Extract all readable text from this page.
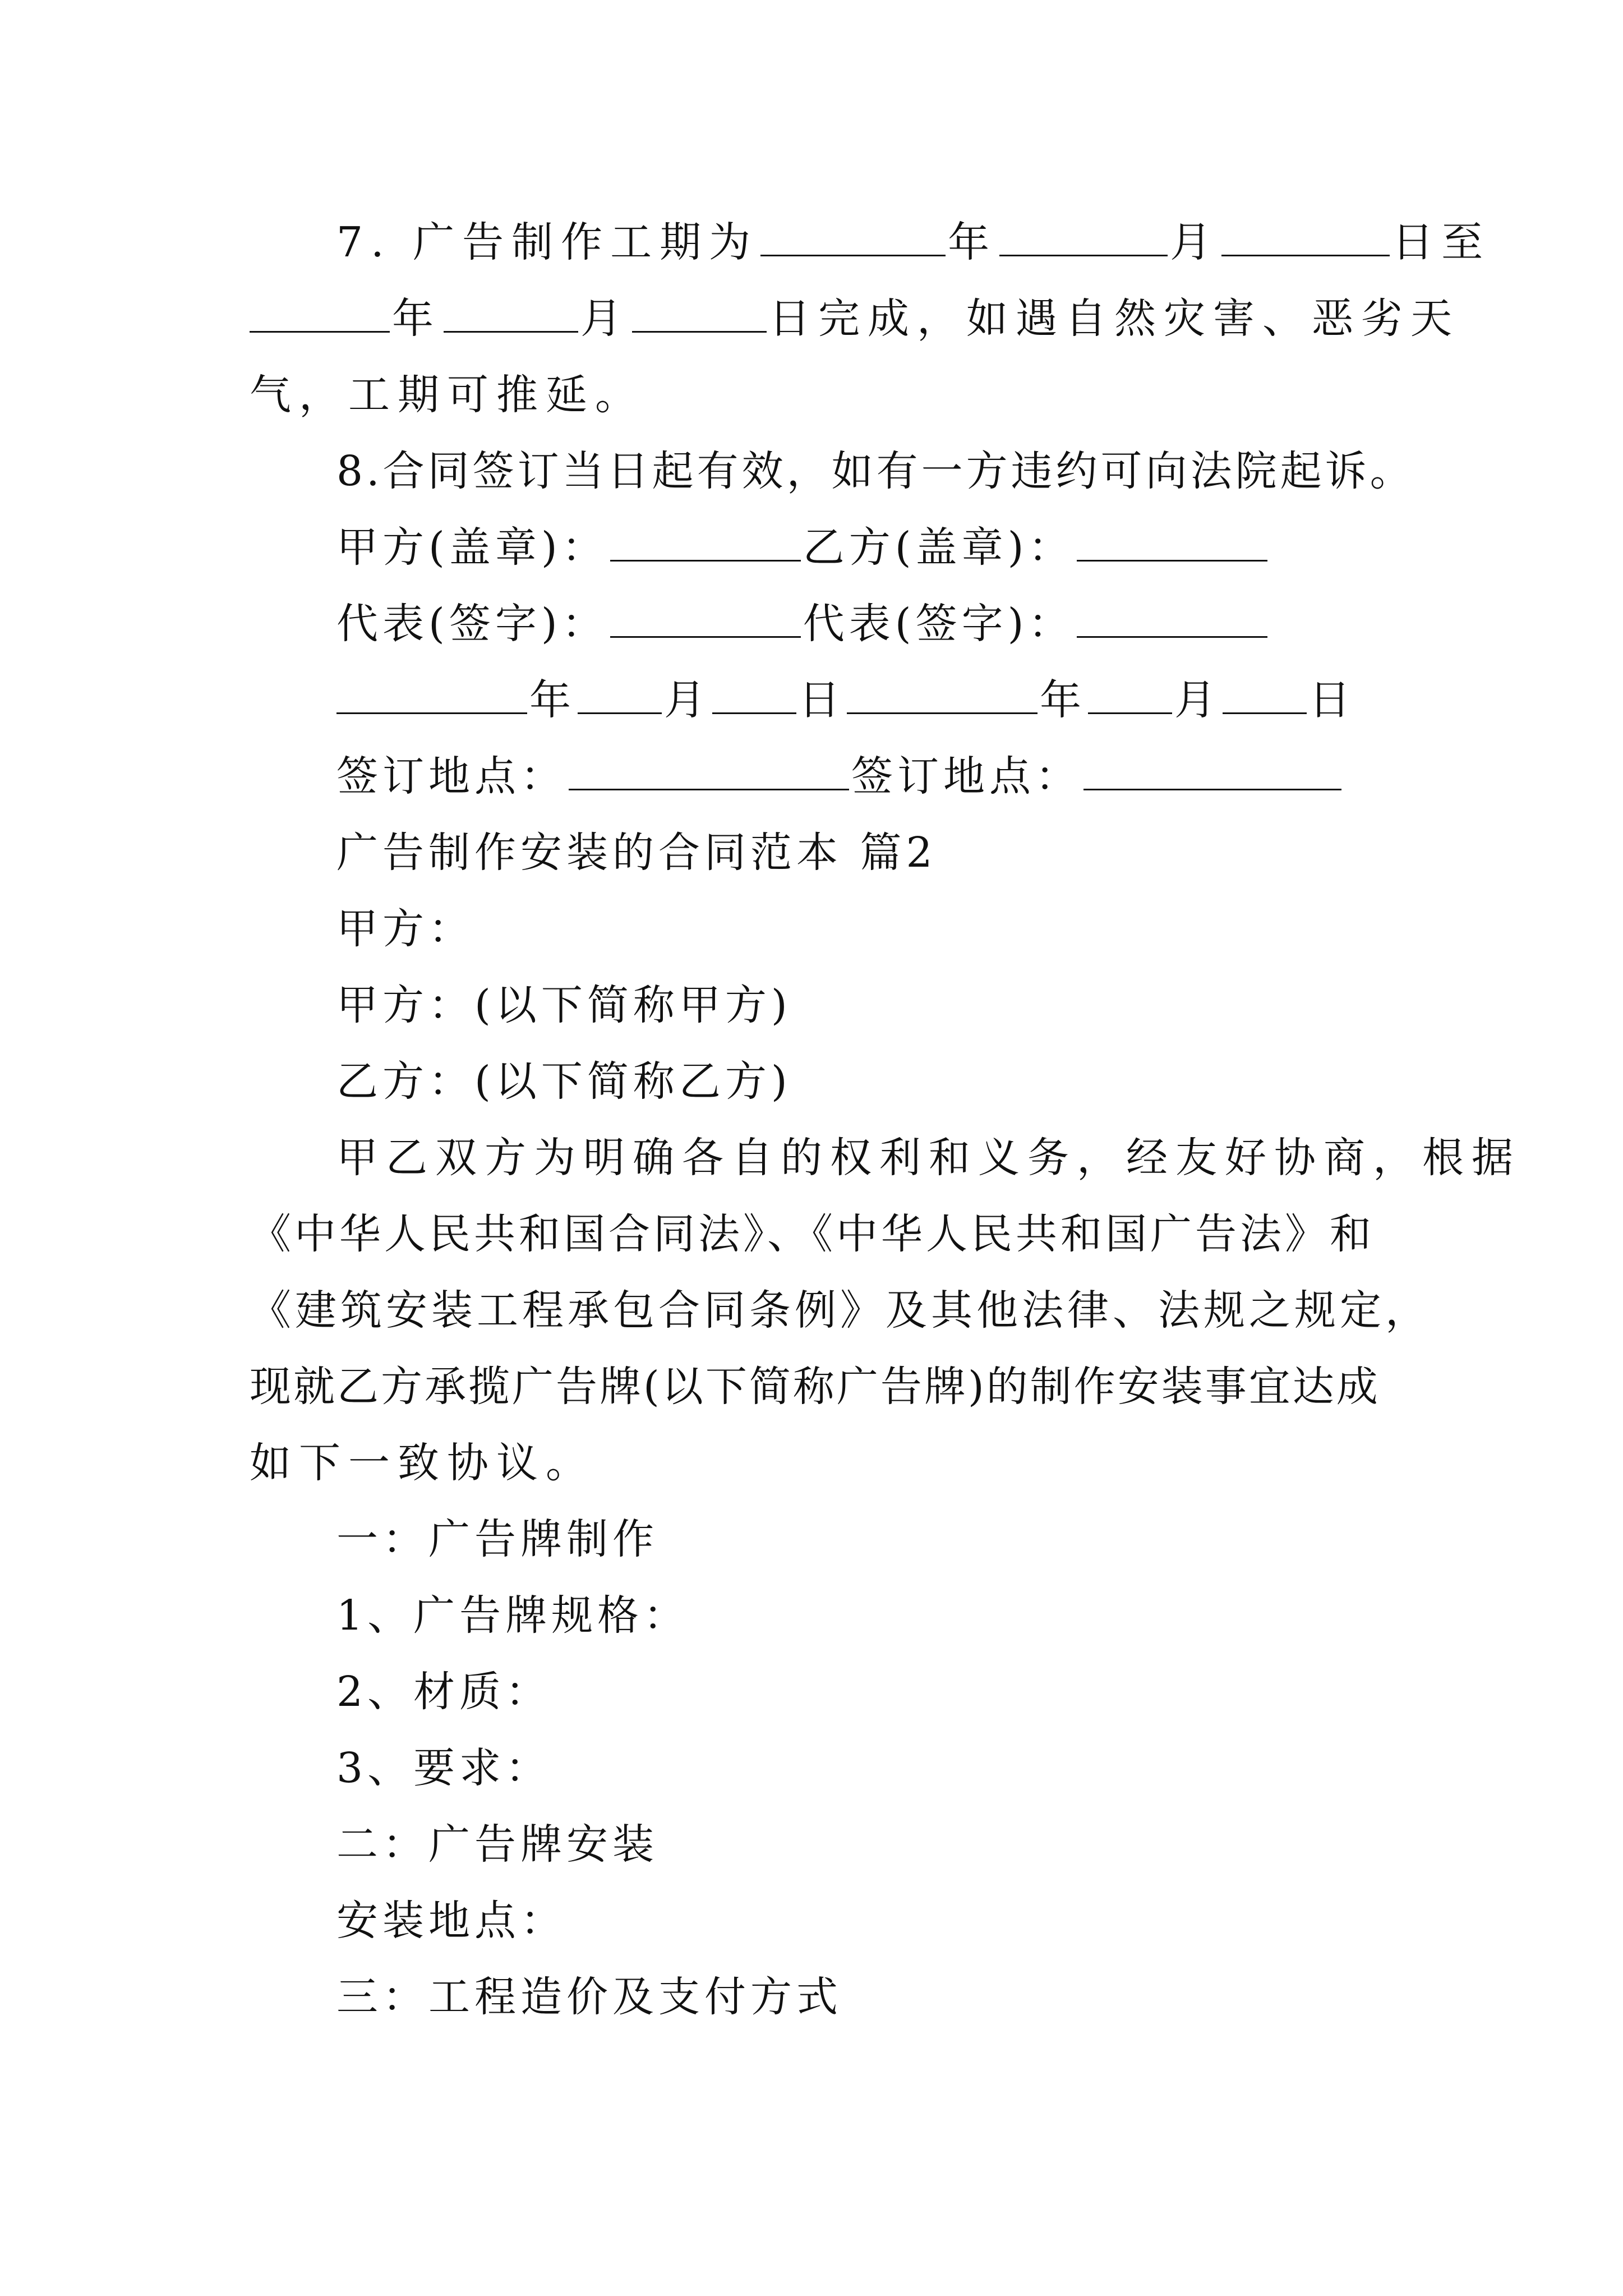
7. 广告制作工期为	年	月	日至
年	月	日完成，如遇自然灾害、恶劣天
气，工期可推延。
8.合同签订当日起有效，如有一方违约可向法院起诉。
甲方(盖章)：	乙方(盖章)：
代表(签字)：	代表(签字)：
年 月 日	年 月 日
签订地点：	签订地点：
广告制作安装的合同范本 篇2
甲方：
甲方：(以下简称甲方)
乙方：(以下简称乙方)
甲乙双方为明确各自的权利和义务，经友好协商，根据
《中华人民共和国合同法》、《中华人民共和国广告法》和
《建筑安装工程承包合同条例》及其他法律、法规之规定，
现就乙方承揽广告牌(以下简称广告牌)的制作安装事宜达成
如下一致协议。
一：广告牌制作
1、广告牌规格：
2、材质：
3、要求：
二：广告牌安装
安装地点：
三：工程造价及支付方式
